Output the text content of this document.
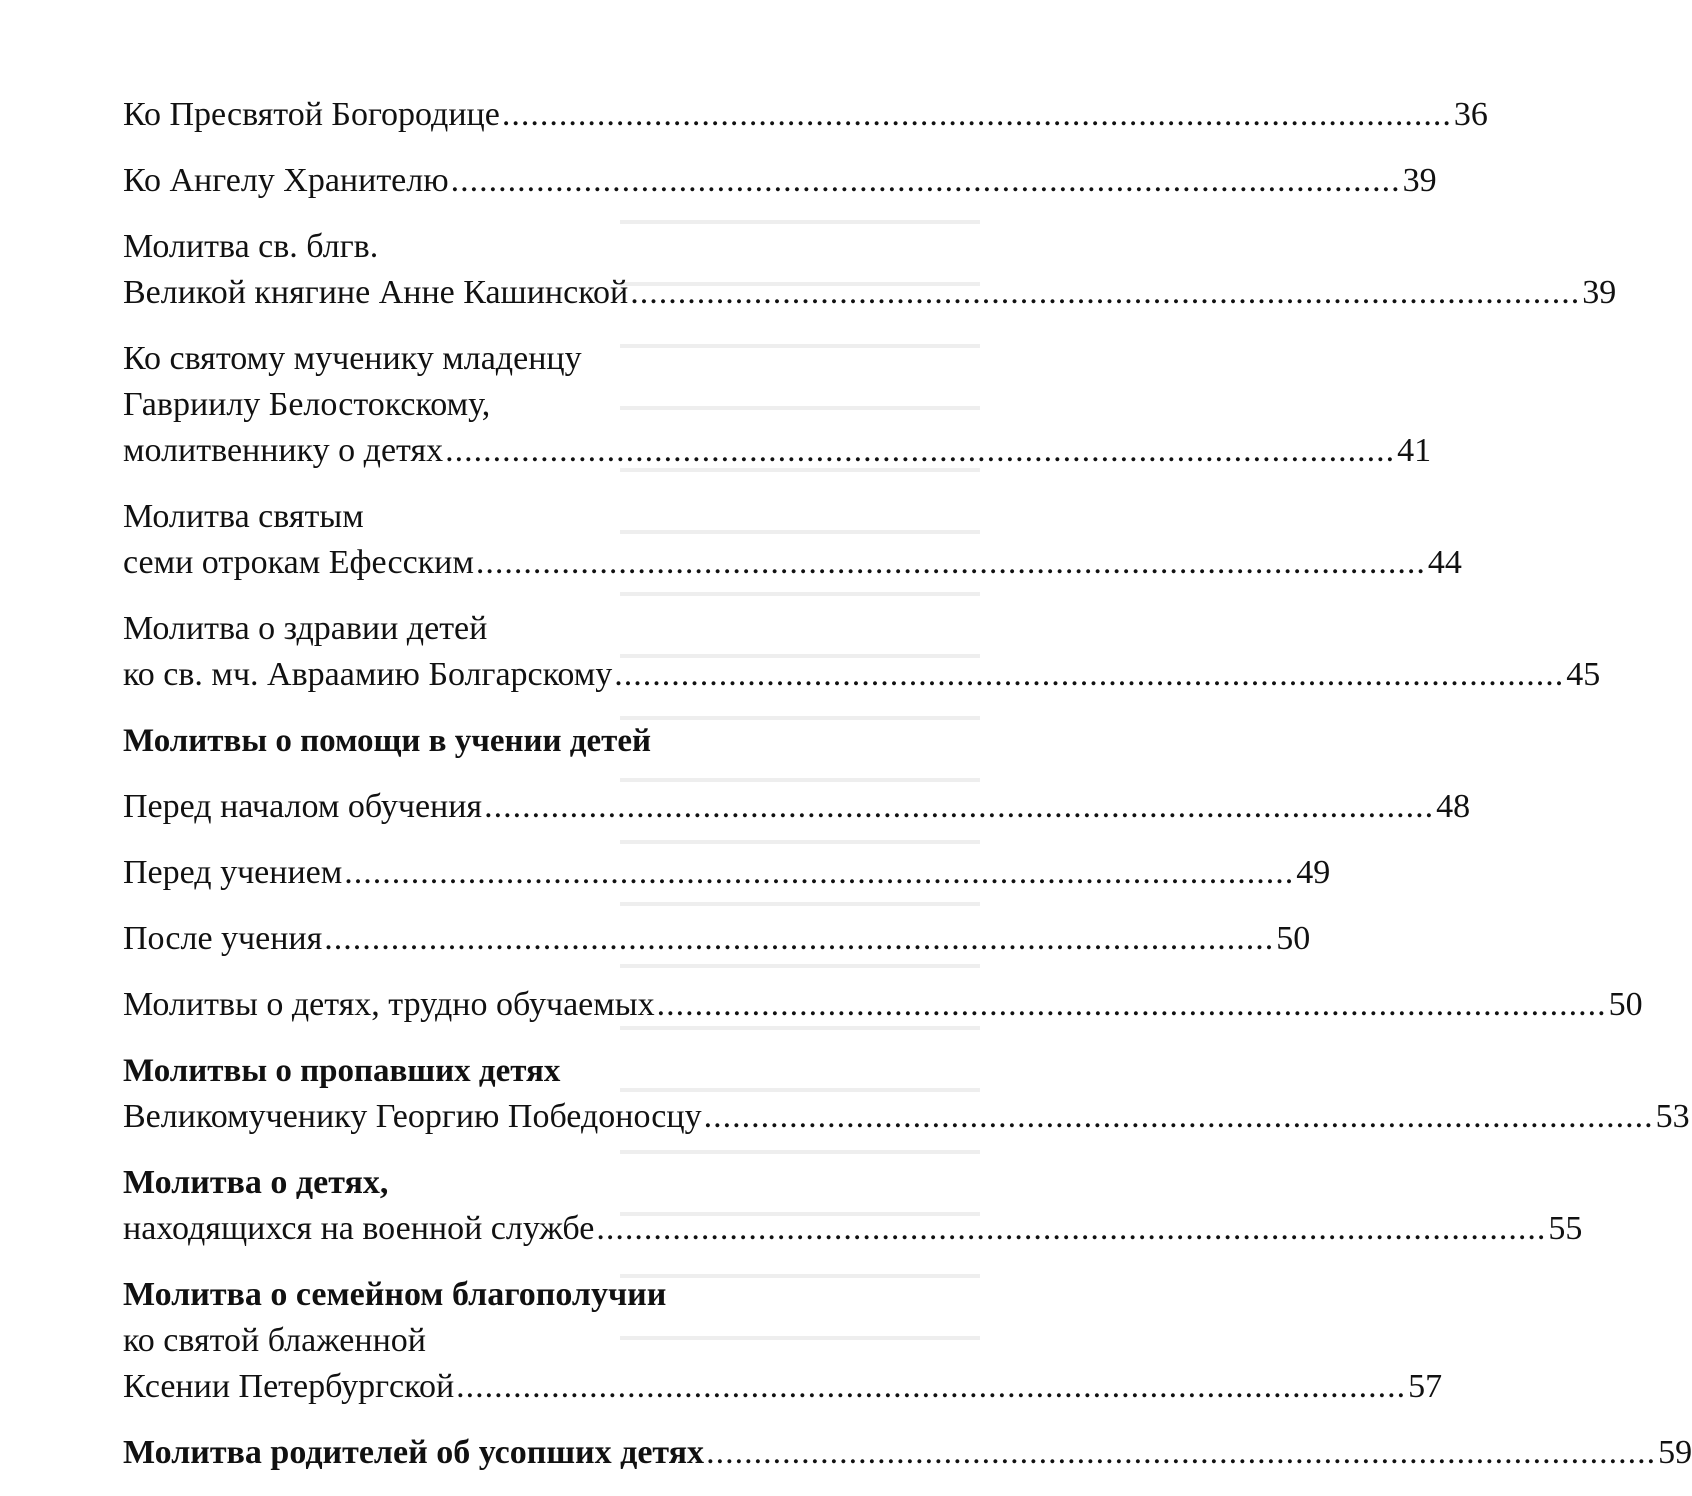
Ко Пресвятой Богородице .................................................................................................... 36
Ко Ангелу Хранителю .................................................................................................... 39
Молитва св. блгв.
Великой княгине Анне Кашинской .................................................................................................... 39
Ко святому мученику младенцу
Гавриилу Белостокскому,
молитвеннику о детях .................................................................................................... 41
Молитва святым
семи отрокам Ефесским .................................................................................................... 44
Молитва о здравии детей
ко св. мч. Авраамию Болгарскому .................................................................................................... 45
Молитвы о помощи в учении детей
Перед началом обучения .................................................................................................... 48
Перед учением .................................................................................................... 49
После учения .................................................................................................... 50
Молитвы о детях, трудно обучаемых .................................................................................................... 50
Молитвы о пропавших детях
Великомученику Георгию Победоносцу .................................................................................................... 53
Молитва о детях,
находящихся на военной службе .................................................................................................... 55
Молитва о семейном благополучии
ко святой блаженной
Ксении Петербургской .................................................................................................... 57
Молитва родителей об усопших детях .................................................................................................... 59
